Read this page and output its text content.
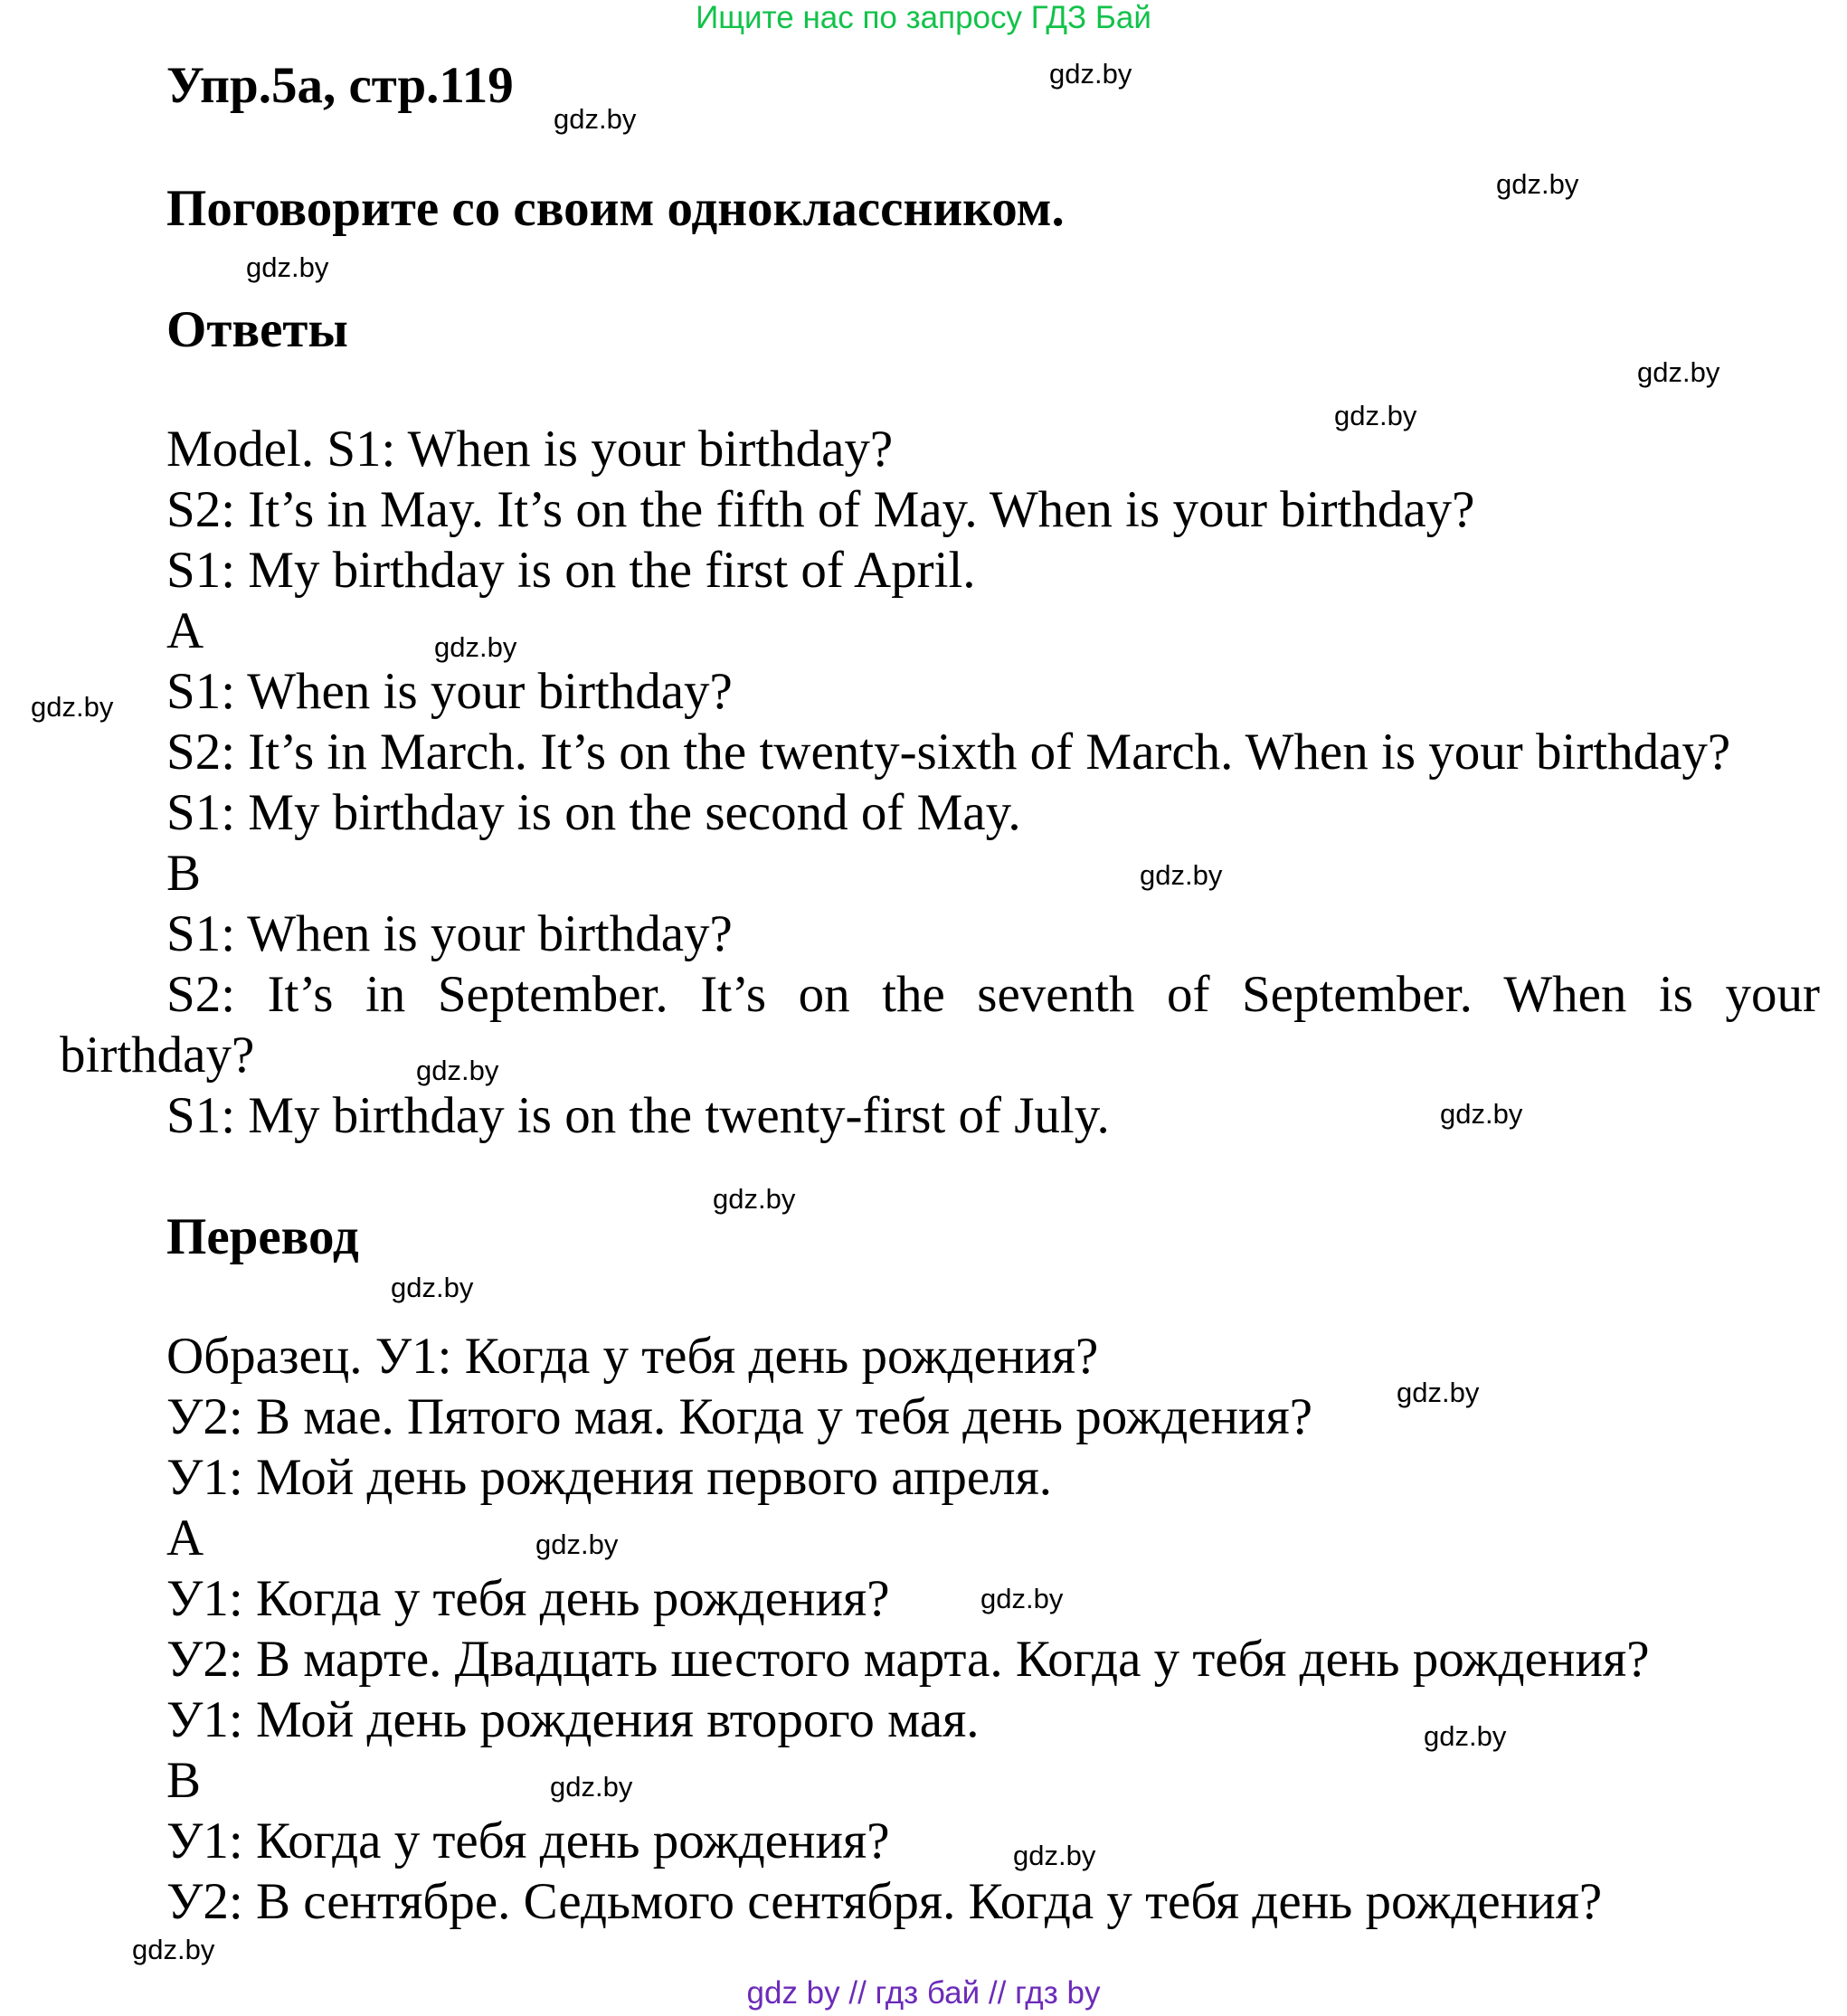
Ищите нас по запросу ГДЗ Бай
Упр.5а, стр.119
Поговорите со своим одноклассником.
Ответы
Model. S1: When is your birthday?
S2: It’s in May. It’s on the fifth of May. When is your birthday?
S1: My birthday is on the first of April.
A
S1: When is your birthday?
S2: It’s in March. It’s on the twenty-sixth of March. When is your birthday?
S1: My birthday is on the second of May.
B
S1: When is your birthday?
S2: It’s in September. It’s on the seventh of September. When is your
birthday?
S1: My birthday is on the twenty-first of July.
Перевод
Образец. У1: Когда у тебя день рождения?
У2: В мае. Пятого мая. Когда у тебя день рождения?
У1: Мой день рождения первого апреля.
A
У1: Когда у тебя день рождения?
У2: В марте. Двадцать шестого марта. Когда у тебя день рождения?
У1: Мой день рождения второго мая.
B
У1: Когда у тебя день рождения?
У2: В сентябре. Седьмого сентября. Когда у тебя день рождения?
gdz.by
gdz.by
gdz.by
gdz.by
gdz.by
gdz.by
gdz.by
gdz.by
gdz.by
gdz.by
gdz.by
gdz.by
gdz.by
gdz.by
gdz.by
gdz.by
gdz.by
gdz.by
gdz.by
gdz.by
gdz by // гдз бай // гдз by
